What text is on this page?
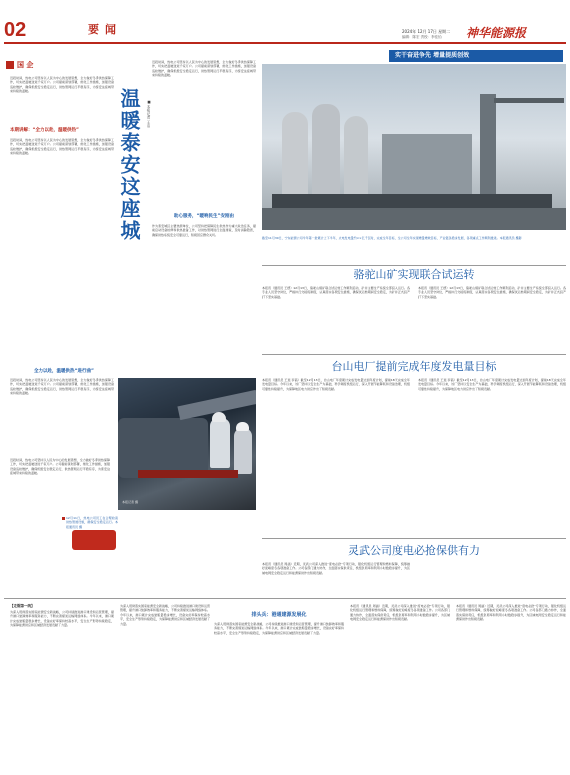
02	要闻	2024年 12月 17日 星期二
编辑：陈宏 责校：李佳怡 神华能源报
国 企
近段时间，热电公司坚持以人民为中心的发展思想，全力做好冬季供热保障工作，切实把温暖送进千家万户。公司提前谋划部署，细化工作措施，加强设备巡检维护，确保机组安全稳定运行，供热管网运行平稳有序，为泰安这座城带来持续的温暖。
本期讲解：“全力以赴，温暖供热”
近段时间，热电公司坚持以人民为中心的发展思想，全力做好冬季供热保障工作，切实把温暖送进千家万户。公司提前谋划部署，细化工作措施，加强设备巡检维护，确保机组安全稳定运行，供热管网运行平稳有序，为泰安这座城带来持续的温暖。
全力以赴，温暖供热“进行曲”
近段时间，热电公司坚持以人民为中心的发展思想，全力做好冬季供热保障工作，切实把温暖送进千家万户。公司提前谋划部署，细化工作措施，加强设备巡检维护，确保机组安全稳定运行，供热管网运行平稳有序，为泰安这座城带来持续的温暖。
温暖泰安这座城 ■ 本报记者 王洁
近段时间，热电公司坚持以人民为中心的发展思想，全力做好冬季供热保障工作，切实把温暖送进千家万户。公司提前谋划部署，细化工作措施，加强设备巡检维护，确保机组安全稳定运行，供热管网运行平稳有序，为泰安这座城带来持续的温暖。
助心服务，“暖响民生”安刚由
作为泰安城区主要热源单位，公司坚持把保障民生供热作为重大政治任务，提前启动设备检修和供热准备工作，对供热管网进行全面排查，及时消除隐患，确保供热系统安全可靠运行，积极回应群众关切。
本报记者 摄
近段时间，热电公司坚持以人民为中心的发展思想，全力做好冬季供热保障工作，切实把温暖送进千家万户。公司提前谋划部署，细化工作措施，加强设备巡检维护，确保机组安全稳定运行，供热管网运行平稳有序，为泰安这座城带来持续的温暖。
12月11日，热电公司员工在合理检查供热管道设施，确保安全稳定运行。本报通讯员 摄
实干奋进争先 增量提质创效
截至11月30日，宁东能源公司今年第一批累计上下半年，火电发电量约××亿千瓦时，完成全年目标，全公司全年实现增量增效目标，产业链条稳步发展，各项重点工作顺利推进。本报通讯员 摄影
骆驼山矿实现联合试运转
本报讯（通讯员 王德）12月13日，骆驼山煤矿联合试运转工作顺利启动，矿井主要生产系统全部投入运行。各专业人员坚守岗位，严格执行交接班制度，认真落实各项安全措施，确保试运转期间安全稳定，为矿井正式投产打下坚实基础。
本报讯（通讯员 王德）12月13日，骆驼山煤矿联合试运转工作顺利启动，矿井主要生产系统全部投入运行。各专业人员坚守岗位，严格执行交接班制度，认真落实各项安全措施，确保试运转期间安全稳定，为矿井正式投产打下坚实基础。
台山电厂提前完成年度发电量目标
本报讯（通讯员 王瑶 李茜）截至12月13日，台山电厂年度累计完成发电量达到年度计划，提前18天完成全年发电量目标。今年以来，该厂坚持以安全生产为基础，科学调度机组运行，深入开展节能降耗和设备治理，机组可靠性持续提升，为保障地区电力供应作出了积极贡献。
本报讯（通讯员 王瑶 李茜）截至12月13日，台山电厂年度累计完成发电量达到年度计划，提前18天完成全年发电量目标。今年以来，该厂坚持以安全生产为基础，科学调度机组运行，深入开展节能降耗和设备治理，机组可靠性持续提升，为保障地区电力供应作出了积极贡献。
灵武公司度电必抢保供有力
本报讯（通讯员 周涵）近期，灵武公司深入推进“度电必抢”专项行动，强化机组运行管理和燃料保障，统筹做好迎峰度冬各项准备工作。公司各部门通力协作，全面落实保供责任，机组负荷率和利用小时数稳步提升，为区域电网安全稳定运行和能源保供作出积极贡献。
【走钢第一线】
为深入贯彻落实国家能源安全新战略，公司持续推进港口建设和运营管理，提升港口装卸效率和服务能力，不断完善煤炭运输网络体系。今年以来，港口累计完成装船量稳步增长，设备完好率保持较高水平，安全生产形势持续稳定，为保障能源供应和区域经济发展贡献了力量。
为深入贯彻落实国家能源安全新战略，公司持续推进港口建设和运营管理，提升港口装卸效率和服务能力，不断完善煤炭运输网络体系。今年以来，港口累计完成装船量稳步增长，设备完好率保持较高水平，安全生产形势持续稳定，为保障能源供应和区域经济发展贡献了力量。
排头兵：港通建源发展化
为深入贯彻落实国家能源安全新战略，公司持续推进港口建设和运营管理，提升港口装卸效率和服务能力，不断完善煤炭运输网络体系。今年以来，港口累计完成装船量稳步增长，设备完好率保持较高水平，安全生产形势持续稳定，为保障能源供应和区域经济发展贡献了力量。
本报讯（通讯员 周涵）近期，灵武公司深入推进“度电必抢”专项行动，强化机组运行管理和燃料保障，统筹做好迎峰度冬各项准备工作。公司各部门通力协作，全面落实保供责任，机组负荷率和利用小时数稳步提升，为区域电网安全稳定运行和能源保供作出积极贡献。
本报讯（通讯员 周涵）近期，灵武公司深入推进“度电必抢”专项行动，强化机组运行管理和燃料保障，统筹做好迎峰度冬各项准备工作。公司各部门通力协作，全面落实保供责任，机组负荷率和利用小时数稳步提升，为区域电网安全稳定运行和能源保供作出积极贡献。
